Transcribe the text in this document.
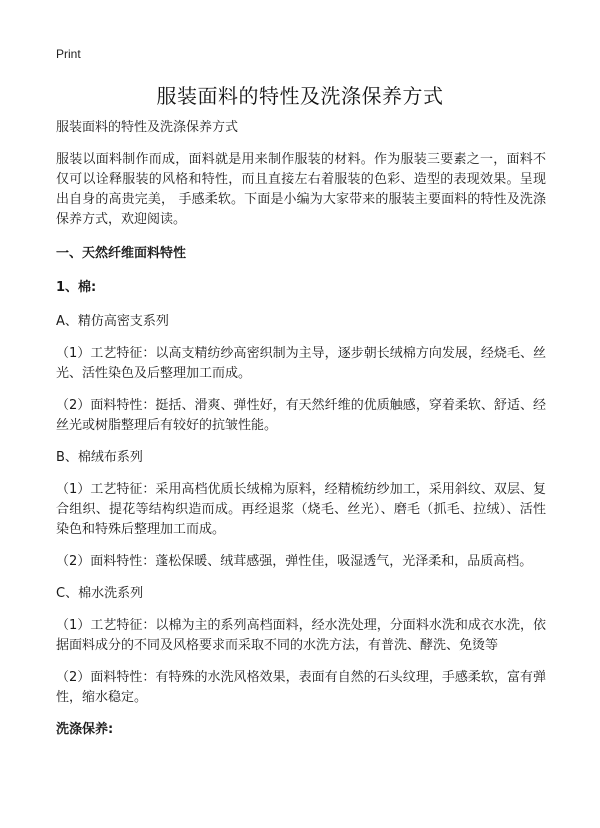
Print
服装面料的特性及洗涤保养方式

服装面料的特性及洗涤保养方式

服装以面料制作而成，面料就是用来制作服装的材料。作为服装三要素之一，面料不仅可以诠释服装的风格和特性，而且直接左右着服装的色彩、造型的表现效果。呈现出自身的高贵完美， 手感柔软。下面是小编为大家带来的服装主要面料的特性及洗涤保养方式，欢迎阅读。

一、天然纤维面料特性

1、棉:

A、精仿高密支系列

（1）工艺特征：以高支精纺纱高密织制为主导，逐步朝长绒棉方向发展，经烧毛、丝光、活性染色及后整理加工而成。

（2）面料特性：挺括、滑爽、弹性好，有天然纤维的优质触感，穿着柔软、舒适、经丝光或树脂整理后有较好的抗皱性能。

B、棉绒布系列

（1）工艺特征：采用高档优质长绒棉为原料，经精梳纺纱加工，采用斜纹、双层、复合组织、提花等结构织造而成。再经退浆（烧毛、丝光）、磨毛（抓毛、拉绒）、活性染色和特殊后整理加工而成。

（2）面料特性：蓬松保暖、绒茸感强，弹性佳，吸湿透气，光泽柔和，品质高档。

C、棉水洗系列

（1）工艺特征：以棉为主的系列高档面料，经水洗处理，分面料水洗和成衣水洗，依据面料成分的不同及风格要求而采取不同的水洗方法，有普洗、酵洗、免烫等

（2）面料特性：有特殊的水洗风格效果，表面有自然的石头纹理，手感柔软，富有弹性，缩水稳定。

洗涤保养:
